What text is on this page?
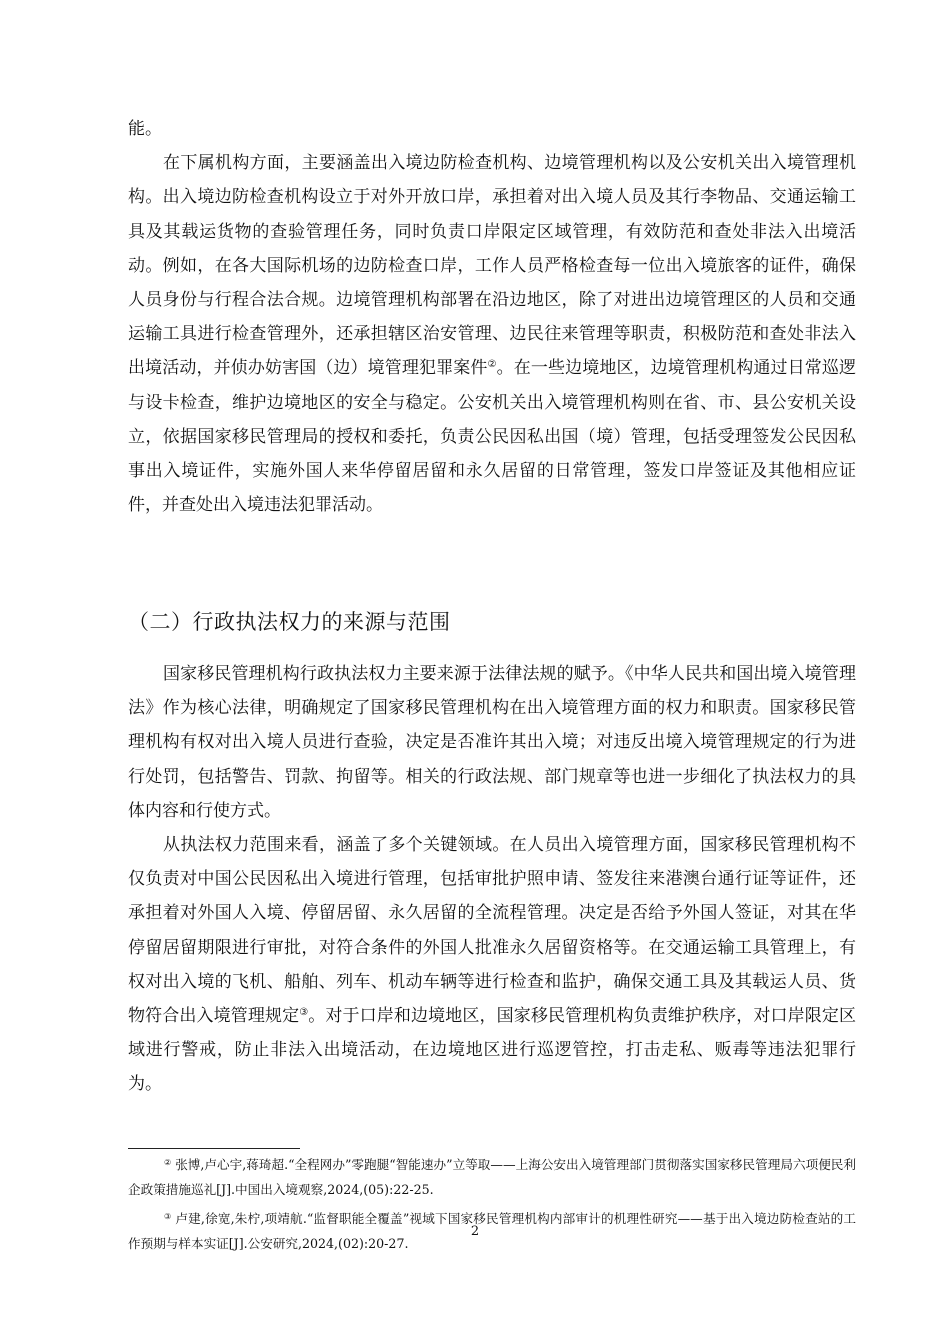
能。

在下属机构方面，主要涵盖出入境边防检查机构、边境管理机构以及公安机关出入境管理机构。出入境边防检查机构设立于对外开放口岸，承担着对出入境人员及其行李物品、交通运输工具及其载运货物的查验管理任务，同时负责口岸限定区域管理，有效防范和查处非法入出境活动。例如，在各大国际机场的边防检查口岸，工作人员严格检查每一位出入境旅客的证件，确保人员身份与行程合法合规。边境管理机构部署在沿边地区，除了对进出边境管理区的人员和交通运输工具进行检查管理外，还承担辖区治安管理、边民往来管理等职责，积极防范和查处非法入出境活动，并侦办妨害国（边）境管理犯罪案件②。在一些边境地区，边境管理机构通过日常巡逻与设卡检查，维护边境地区的安全与稳定。公安机关出入境管理机构则在省、市、县公安机关设立，依据国家移民管理局的授权和委托，负责公民因私出国（境）管理，包括受理签发公民因私事出入境证件，实施外国人来华停留居留和永久居留的日常管理，签发口岸签证及其他相应证件，并查处出入境违法犯罪活动。

（二）行政执法权力的来源与范围

国家移民管理机构行政执法权力主要来源于法律法规的赋予。《中华人民共和国出境入境管理法》作为核心法律，明确规定了国家移民管理机构在出入境管理方面的权力和职责。国家移民管理机构有权对出入境人员进行查验，决定是否准许其出入境；对违反出境入境管理规定的行为进行处罚，包括警告、罚款、拘留等。相关的行政法规、部门规章等也进一步细化了执法权力的具体内容和行使方式。

从执法权力范围来看，涵盖了多个关键领域。在人员出入境管理方面，国家移民管理机构不仅负责对中国公民因私出入境进行管理，包括审批护照申请、签发往来港澳台通行证等证件，还承担着对外国人入境、停留居留、永久居留的全流程管理。决定是否给予外国人签证，对其在华停留居留期限进行审批，对符合条件的外国人批准永久居留资格等。在交通运输工具管理上，有权对出入境的飞机、船舶、列车、机动车辆等进行检查和监护，确保交通工具及其载运人员、货物符合出入境管理规定③。对于口岸和边境地区，国家移民管理机构负责维护秩序，对口岸限定区域进行警戒，防止非法入出境活动，在边境地区进行巡逻管控，打击走私、贩毒等违法犯罪行为。

② 张博,卢心宇,蒋琦超.“全程网办”零跑腿“智能速办”立等取——上海公安出入境管理部门贯彻落实国家移民管理局六项便民利企政策措施巡礼[J].中国出入境观察,2024,(05):22-25.

③ 卢建,徐宽,朱柠,项靖航.“监督职能全覆盖”视域下国家移民管理机构内部审计的机理性研究——基于出入境边防检查站的工作预期与样本实证[J].公安研究,2024,(02):20-27.

2
